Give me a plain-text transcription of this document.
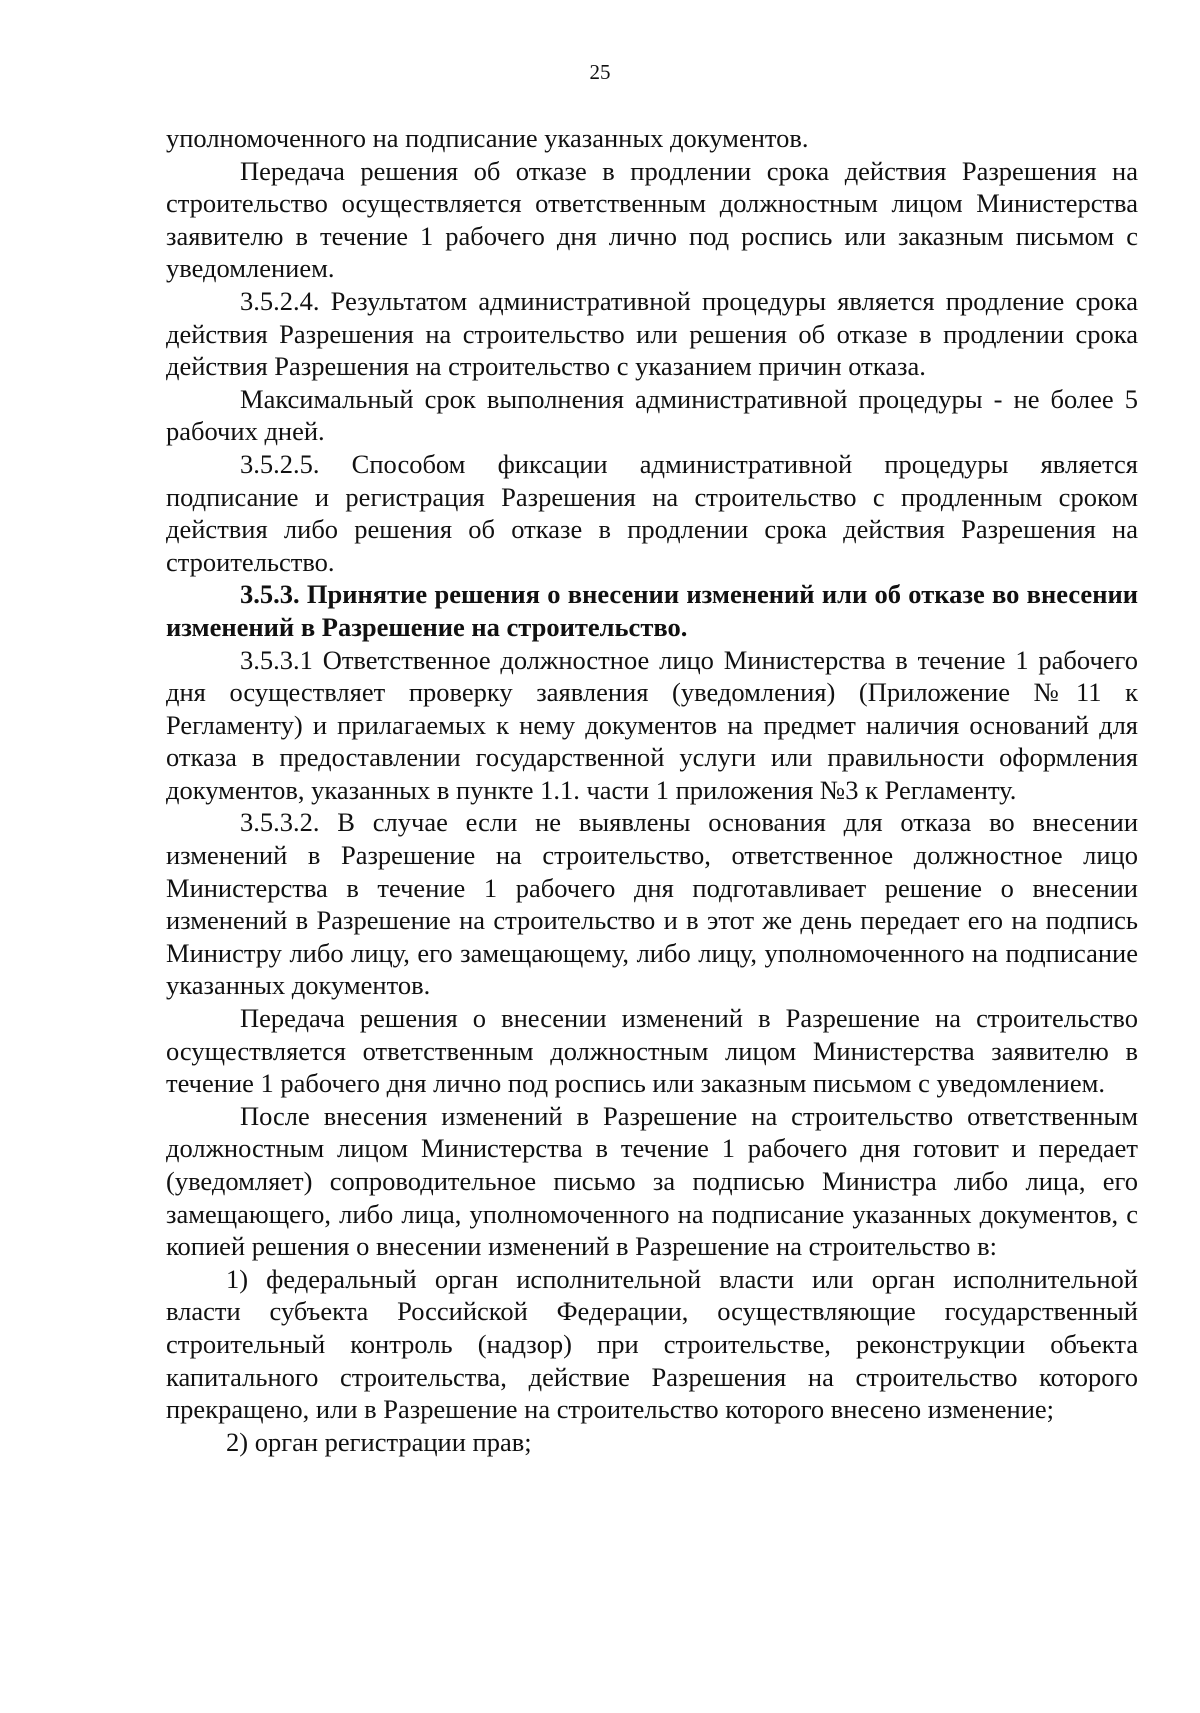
25

уполномоченного на подписание указанных документов.

Передача решения об отказе в продлении срока действия Разрешения на строительство осуществляется ответственным должностным лицом Министерства заявителю в течение 1 рабочего дня лично под роспись или заказным письмом с уведомлением.

3.5.2.4. Результатом административной процедуры является продление срока действия Разрешения на строительство или решения об отказе в продлении срока действия Разрешения на строительство с указанием причин отказа.

Максимальный срок выполнения административной процедуры - не более 5 рабочих дней.

3.5.2.5. Способом фиксации административной процедуры является подписание и регистрация Разрешения на строительство с продленным сроком действия либо решения об отказе в продлении срока действия Разрешения на строительство.

3.5.3. Принятие решения о внесении изменений или об отказе во внесении изменений в Разрешение на строительство.

3.5.3.1 Ответственное должностное лицо Министерства в течение 1 рабочего дня осуществляет проверку заявления (уведомления) (Приложение №11 к Регламенту) и прилагаемых к нему документов на предмет наличия оснований для отказа в предоставлении государственной услуги или правильности оформления документов, указанных в пункте 1.1. части 1 приложения №3 к Регламенту.

3.5.3.2. В случае если не выявлены основания для отказа во внесении изменений в Разрешение на строительство, ответственное должностное лицо Министерства в течение 1 рабочего дня подготавливает решение о внесении изменений в Разрешение на строительство и в этот же день передает его на подпись Министру либо лицу, его замещающему, либо лицу, уполномоченного на подписание указанных документов.

Передача решения о внесении изменений в Разрешение на строительство осуществляется ответственным должностным лицом Министерства заявителю в течение 1 рабочего дня лично под роспись или заказным письмом с уведомлением.

После внесения изменений в Разрешение на строительство ответственным должностным лицом Министерства в течение 1 рабочего дня готовит и передает (уведомляет) сопроводительное письмо за подписью Министра либо лица, его замещающего, либо лица, уполномоченного на подписание указанных документов, с копией решения о внесении изменений в Разрешение на строительство в:

1) федеральный орган исполнительной власти или орган исполнительной власти субъекта Российской Федерации, осуществляющие государственный строительный контроль (надзор) при строительстве, реконструкции объекта капитального строительства, действие Разрешения на строительство которого прекращено, или в Разрешение на строительство которого внесено изменение;

2) орган регистрации прав;
